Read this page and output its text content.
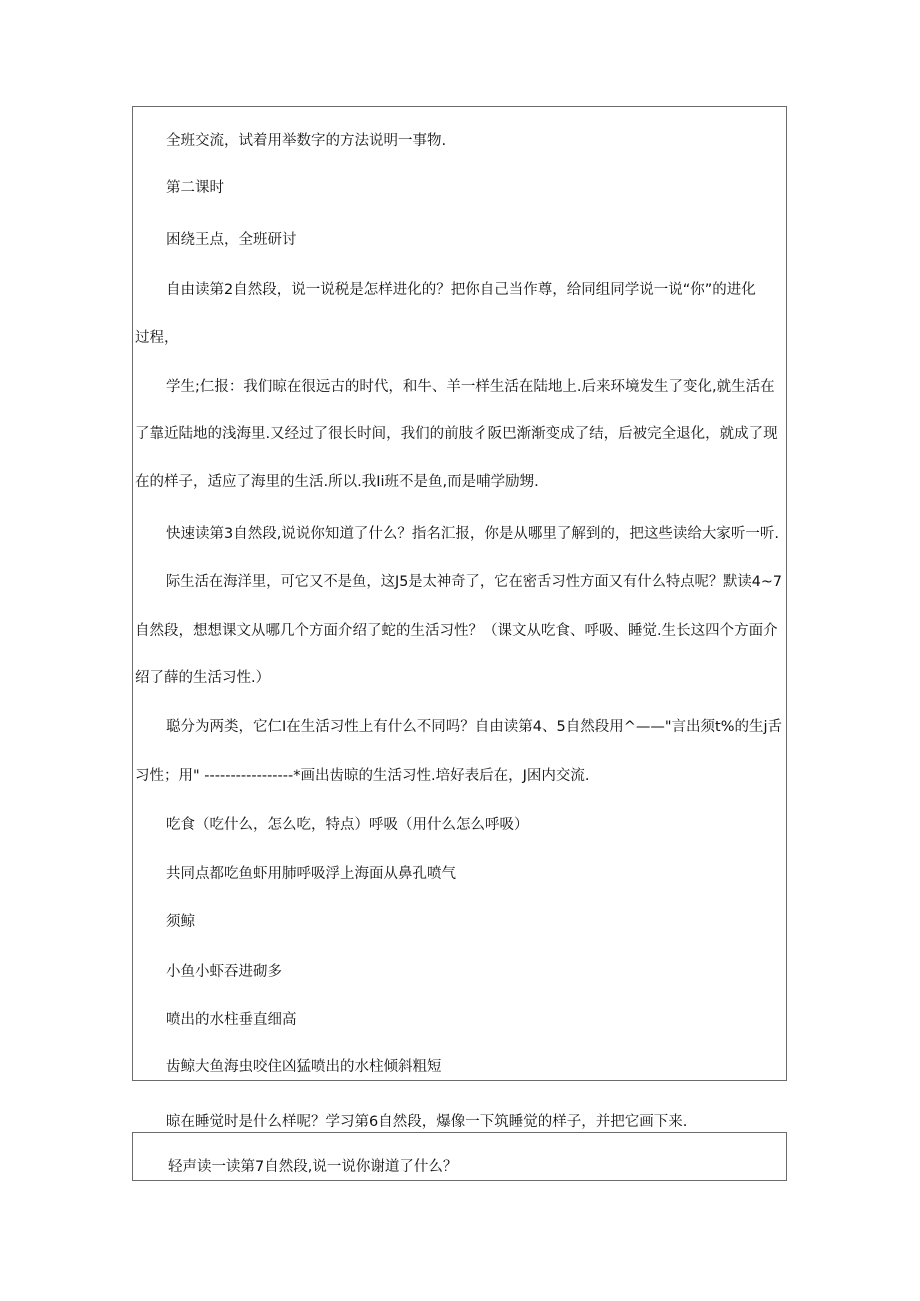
全班交流，试着用举数字的方法说明一事物.
第二课时
困绕王点，全班研讨
自由读第2自然段，说一说税是怎样进化的？把你自己当作尊，给同组同学说一说“你”的进化
过程，
学生;仁报：我们晾在很远古的时代，和牛、羊一样生活在陆地上.后来环境发生了变化,就生活在
了靠近陆地的浅海里.又经过了很长时间，我们的前肢彳阪巴渐渐变成了结，后被完全退化，就成了现
在的样子，适应了海里的生活.所以.我Ii班不是鱼,而是哺学励甥.
快速读第3自然段,说说你知道了什么？指名汇报，你是从哪里了解到的，把这些读给大家听一听.
际生活在海洋里，可它又不是鱼，这J5是太神奇了，它在密舌习性方面又有什么特点呢？默读4~7
自然段，想想课文从哪几个方面介绍了蛇的生活习性？（课文从吃食、呼吸、睡觉.生长这四个方面介
绍了薛的生活习性.）
聪分为两类，它仁I在生活习性上有什么不同吗？自由读第4、5自然段用^——"言出须t%的生j舌
习性；用" -----------------*画出齿晾的生活习性.培好表后在，J困内交流.
吃食（吃什么，怎么吃，特点）呼吸（用什么怎么呼吸）
共同点都吃鱼虾用肺呼吸浮上海面从鼻孔喷气
须鲸
小鱼小虾吞进砌多
喷出的水柱垂直细高
齿鲸大鱼海虫咬住凶猛喷出的水柱倾斜粗短
晾在睡觉时是什么样呢？学习第6自然段，爆像一下筑睡觉的样子，并把它画下来.
轻声读一读第7自然段,说一说你谢道了什么？
